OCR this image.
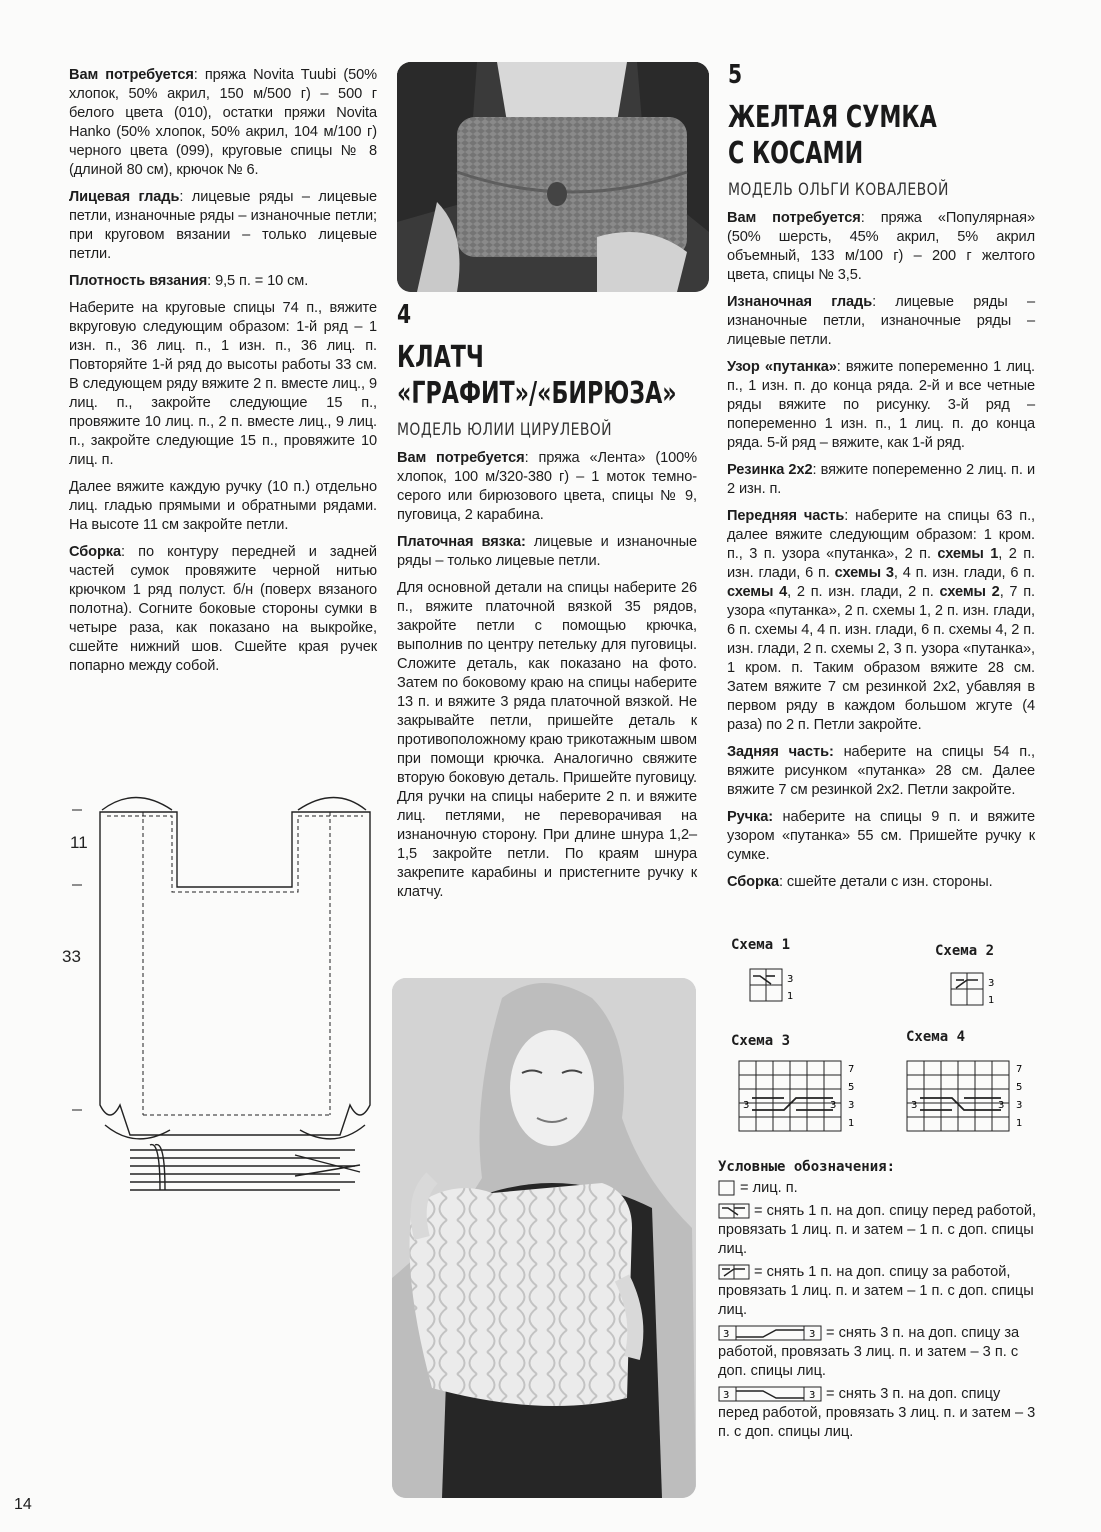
Вам потребуется: пряжа Novita Tuubi (50% хлопок, 50% акрил, 150 м/500 г) – 500 г белого цвета (010), остатки пряжи Novita Hanko (50% хлопок, 50% акрил, 104 м/100 г) черного цвета (099), круговые спицы № 8 (длиной 80 см), крючок № 6.

Лицевая гладь: лицевые ряды – лицевые петли, изнаночные ряды – изнаночные петли; при круговом вязании – только лицевые петли.

Плотность вязания: 9,5 п. = 10 см.

Наберите на круговые спицы 74 п., вяжите вкруговую следующим образом: 1-й ряд – 1 изн. п., 36 лиц. п., 1 изн. п., 36 лиц. п. Повторяйте 1-й ряд до высоты работы 33 см. В следующем ряду вяжите 2 п. вместе лиц., 9 лиц. п., закройте следующие 15 п., провяжите 10 лиц. п., 2 п. вместе лиц., 9 лиц. п., закройте следующие 15 п., провяжите 10 лиц. п.

Далее вяжите каждую ручку (10 п.) отдельно лиц. гладью прямыми и обратными рядами. На высоте 11 см закройте петли.

Сборка: по контуру передней и задней частей сумок провяжите черной нитью крючком 1 ряд полуст. б/н (поверх вязаного полотна). Согните боковые стороны сумки в четыре раза, как показано на выкройке, сшейте нижний шов. Сшейте края ручек попарно между собой.

11
33
4
КЛАТЧ
«ГРАФИТ»/«БИРЮЗА»
МОДЕЛЬ ЮЛИИ ЦИРУЛЕВОЙ

Вам потребуется: пряжа «Лента» (100% хлопок, 100 м/320-380 г) – 1 моток темно-серого или бирюзового цвета, спицы № 9, пуговица, 2 карабина.

Платочная вязка: лицевые и изнаночные ряды – только лицевые петли.

Для основной детали на спицы наберите 26 п., вяжите платочной вязкой 35 рядов, закройте петли с помощью крючка, выполнив по центру петельку для пуговицы. Сложите деталь, как показано на фото. Затем по боковому краю на спицы наберите 13 п. и вяжите 3 ряда платочной вязкой. Не закрывайте петли, пришейте деталь к противоположному краю трикотажным швом при помощи крючка. Аналогично свяжите вторую боковую деталь. Пришейте пуговицу. Для ручки на спицы наберите 2 п. и вяжите лиц. петлями, не переворачивая на изнаночную сторону. При длине шнура 1,2–1,5 закройте петли. По краям шнура закрепите карабины и пристегните ручку к клатчу.

5
ЖЕЛТАЯ СУМКА
С КОСАМИ
МОДЕЛЬ ОЛЬГИ КОВАЛЕВОЙ

Вам потребуется: пряжа «Популярная» (50% шерсть, 45% акрил, 5% акрил объемный, 133 м/100 г) – 200 г желтого цвета, спицы № 3,5.

Изнаночная гладь: лицевые ряды – изнаночные петли, изнаночные ряды – лицевые петли.

Узор «путанка»: вяжите попеременно 1 лиц. п., 1 изн. п. до конца ряда. 2-й и все четные ряды вяжите по рисунку. 3-й ряд – попеременно 1 изн. п., 1 лиц. п. до конца ряда. 5-й ряд – вяжите, как 1-й ряд.

Резинка 2х2: вяжите попеременно 2 лиц. п. и 2 изн. п.

Передняя часть: наберите на спицы 63 п., далее вяжите следующим образом: 1 кром. п., 3 п. узора «путанка», 2 п. схемы 1, 2 п. изн. глади, 6 п. схемы 3, 4 п. изн. глади, 6 п. схемы 4, 2 п. изн. глади, 2 п. схемы 2, 7 п. узора «путанка», 2 п. схемы 1, 2 п. изн. глади, 6 п. схемы 4, 4 п. изн. глади, 6 п. схемы 4, 2 п. изн. глади, 2 п. схемы 2, 3 п. узора «путанка», 1 кром. п. Таким образом вяжите 28 см. Затем вяжите 7 см резинкой 2х2, убавляя в первом ряду в каждом большом жгуте (4 раза) по 2 п. Петли закройте.

Задняя часть: наберите на спицы 54 п., вяжите рисунком «путанка» 28 см. Далее вяжите 7 см резинкой 2х2. Петли закройте.

Ручка: наберите на спицы 9 п. и вяжите узором «путанка» 55 см. Пришейте ручку к сумке.

Сборка: сшейте детали с изн. стороны.

Схема 1	Схема 2
Схема 3	Схема 4
3
1
3
1
3	3
7
5
3
1
3	3
7
5
3
1
Условные обозначения:
= лиц. п.
= снять 1 п. на доп. спицу перед работой, провязать 1 лиц. п. и затем – 1 п. с доп. спицы лиц.
= снять 1 п. на доп. спицу за работой, провязать 1 лиц. п. и затем – 1 п. с доп. спицы лиц.
3	3 = снять 3 п. на доп. спицу за работой, провязать 3 лиц. п. и затем – 3 п. с доп. спицы лиц.
3	3 = снять 3 п. на доп. спицу перед работой, провязать 3 лиц. п. и затем – 3 п. с доп. спицы лиц.
14
